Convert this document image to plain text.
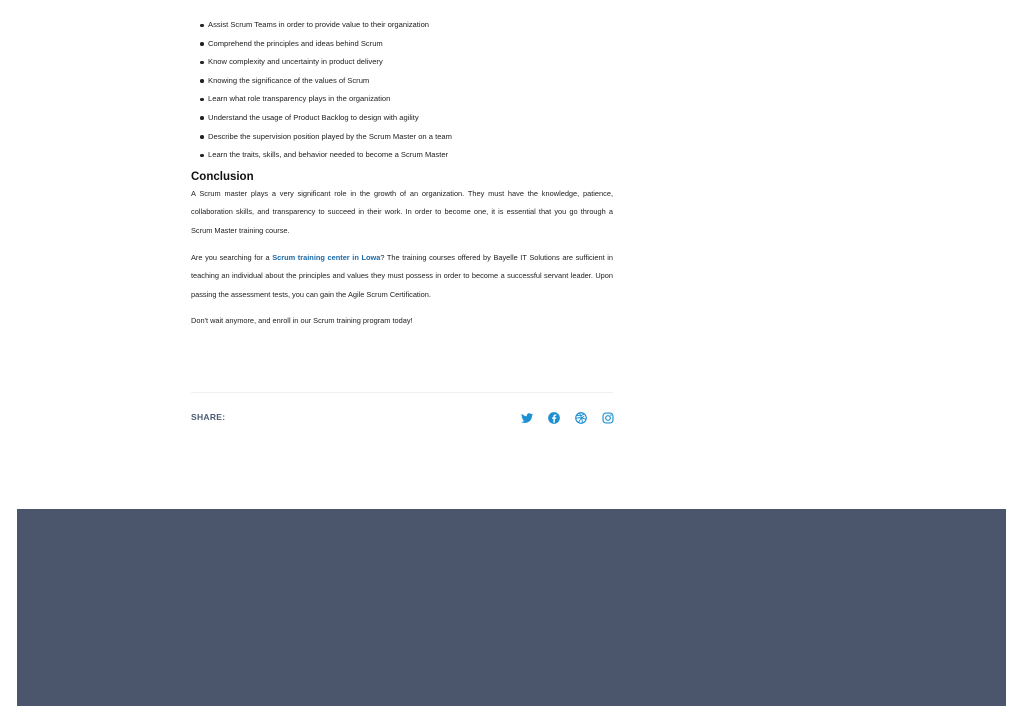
Assist Scrum Teams in order to provide value to their organization
Comprehend the principles and ideas behind Scrum
Know complexity and uncertainty in product delivery
Knowing the significance of the values of Scrum
Learn what role transparency plays in the organization
Understand the usage of Product Backlog to design with agility
Describe the supervision position played by the Scrum Master on a team
Learn the traits, skills, and behavior needed to become a Scrum Master
Conclusion

A Scrum master plays a very significant role in the growth of an organization. They must have the knowledge, patience, collaboration skills, and transparency to succeed in their work. In order to become one, it is essential that you go through a Scrum Master training course.

Are you searching for a Scrum training center in Lowa? The training courses offered by Bayelle IT Solutions are sufficient in teaching an individual about the principles and values they must possess in order to become a successful servant leader. Upon passing the assessment tests, you can gain the Agile Scrum Certification.

Don't wait anymore, and enroll in our Scrum training program today!

SHARE:
